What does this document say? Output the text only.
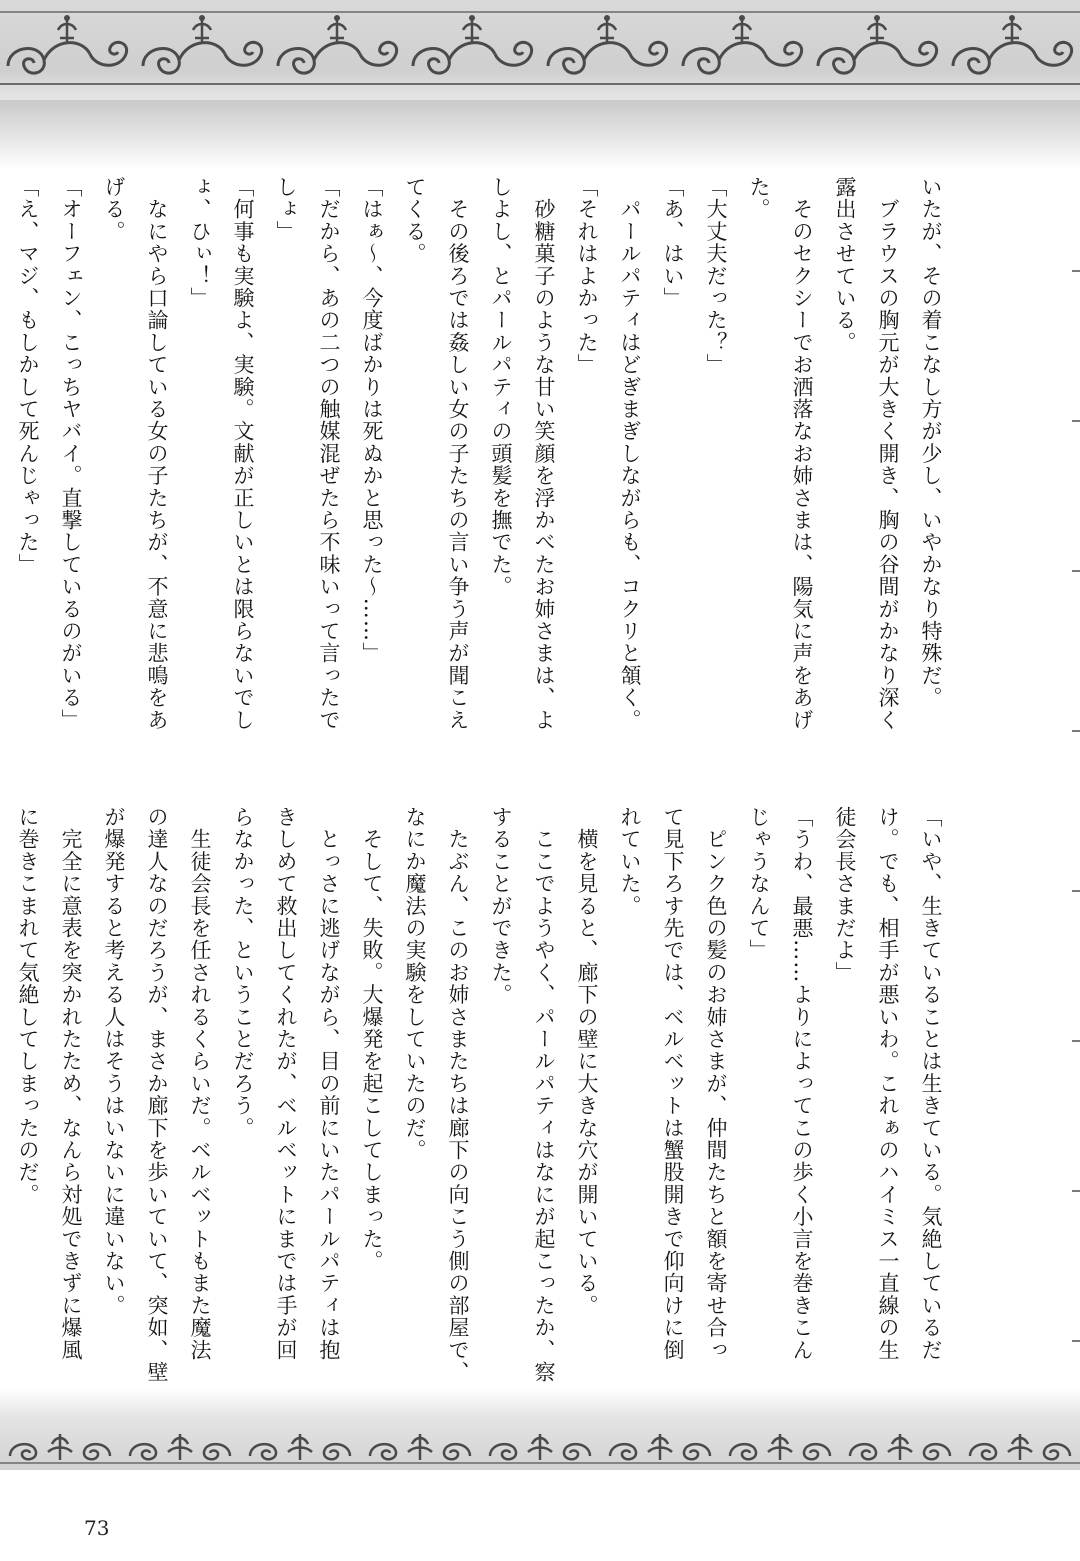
いたが、その着こなし方が少し、いやかなり特殊だ。
　ブラウスの胸元が大きく開き、胸の谷間がかなり深く
露出させている。
　そのセクシーでお洒落なお姉さまは、陽気に声をあげ
た。
「大丈夫だった？」
「あ、はい」
　パールパティはどぎまぎしながらも、コクリと頷く。
「それはよかった」
　砂糖菓子のような甘い笑顔を浮かべたお姉さまは、よ
しよし、とパールパティの頭髪を撫でた。
　その後ろでは姦しい女の子たちの言い争う声が聞こえ
てくる。
「はぁ～、今度ばかりは死ぬかと思った～……」
「だから、あの二つの触媒混ぜたら不味いって言ったで
しょ」
「何事も実験よ、実験。文献が正しいとは限らないでし
ょ、ひぃ！」
　なにやら口論している女の子たちが、不意に悲鳴をあ
げる。
「オーフェン、こっちヤバイ。直撃しているのがいる」
「え、マジ、もしかして死んじゃった」
「いや、生きていることは生きている。気絶しているだ
け。でも、相手が悪いわ。これぁのハイミス一直線の生
徒会長さまだよ」
「うわ、最悪……よりによってこの歩く小言を巻きこん
じゃうなんて」
　ピンク色の髪のお姉さまが、仲間たちと額を寄せ合っ
て見下ろす先では、ベルベットは蟹股開きで仰向けに倒
れていた。
　横を見ると、廊下の壁に大きな穴が開いている。
　ここでようやく、パールパティはなにが起こったか、察
することができた。
　たぶん、このお姉さまたちは廊下の向こう側の部屋で、
なにか魔法の実験をしていたのだ。
　そして、失敗。大爆発を起こしてしまった。
　とっさに逃げながら、目の前にいたパールパティは抱
きしめて救出してくれたが、ベルベットにまでは手が回
らなかった、ということだろう。
　生徒会長を任されるくらいだ。ベルベットもまた魔法
の達人なのだろうが、まさか廊下を歩いていて、突如、壁
が爆発すると考える人はそうはいないに違いない。
　完全に意表を突かれたため、なんら対処できずに爆風
に巻きこまれて気絶してしまったのだ。
73
